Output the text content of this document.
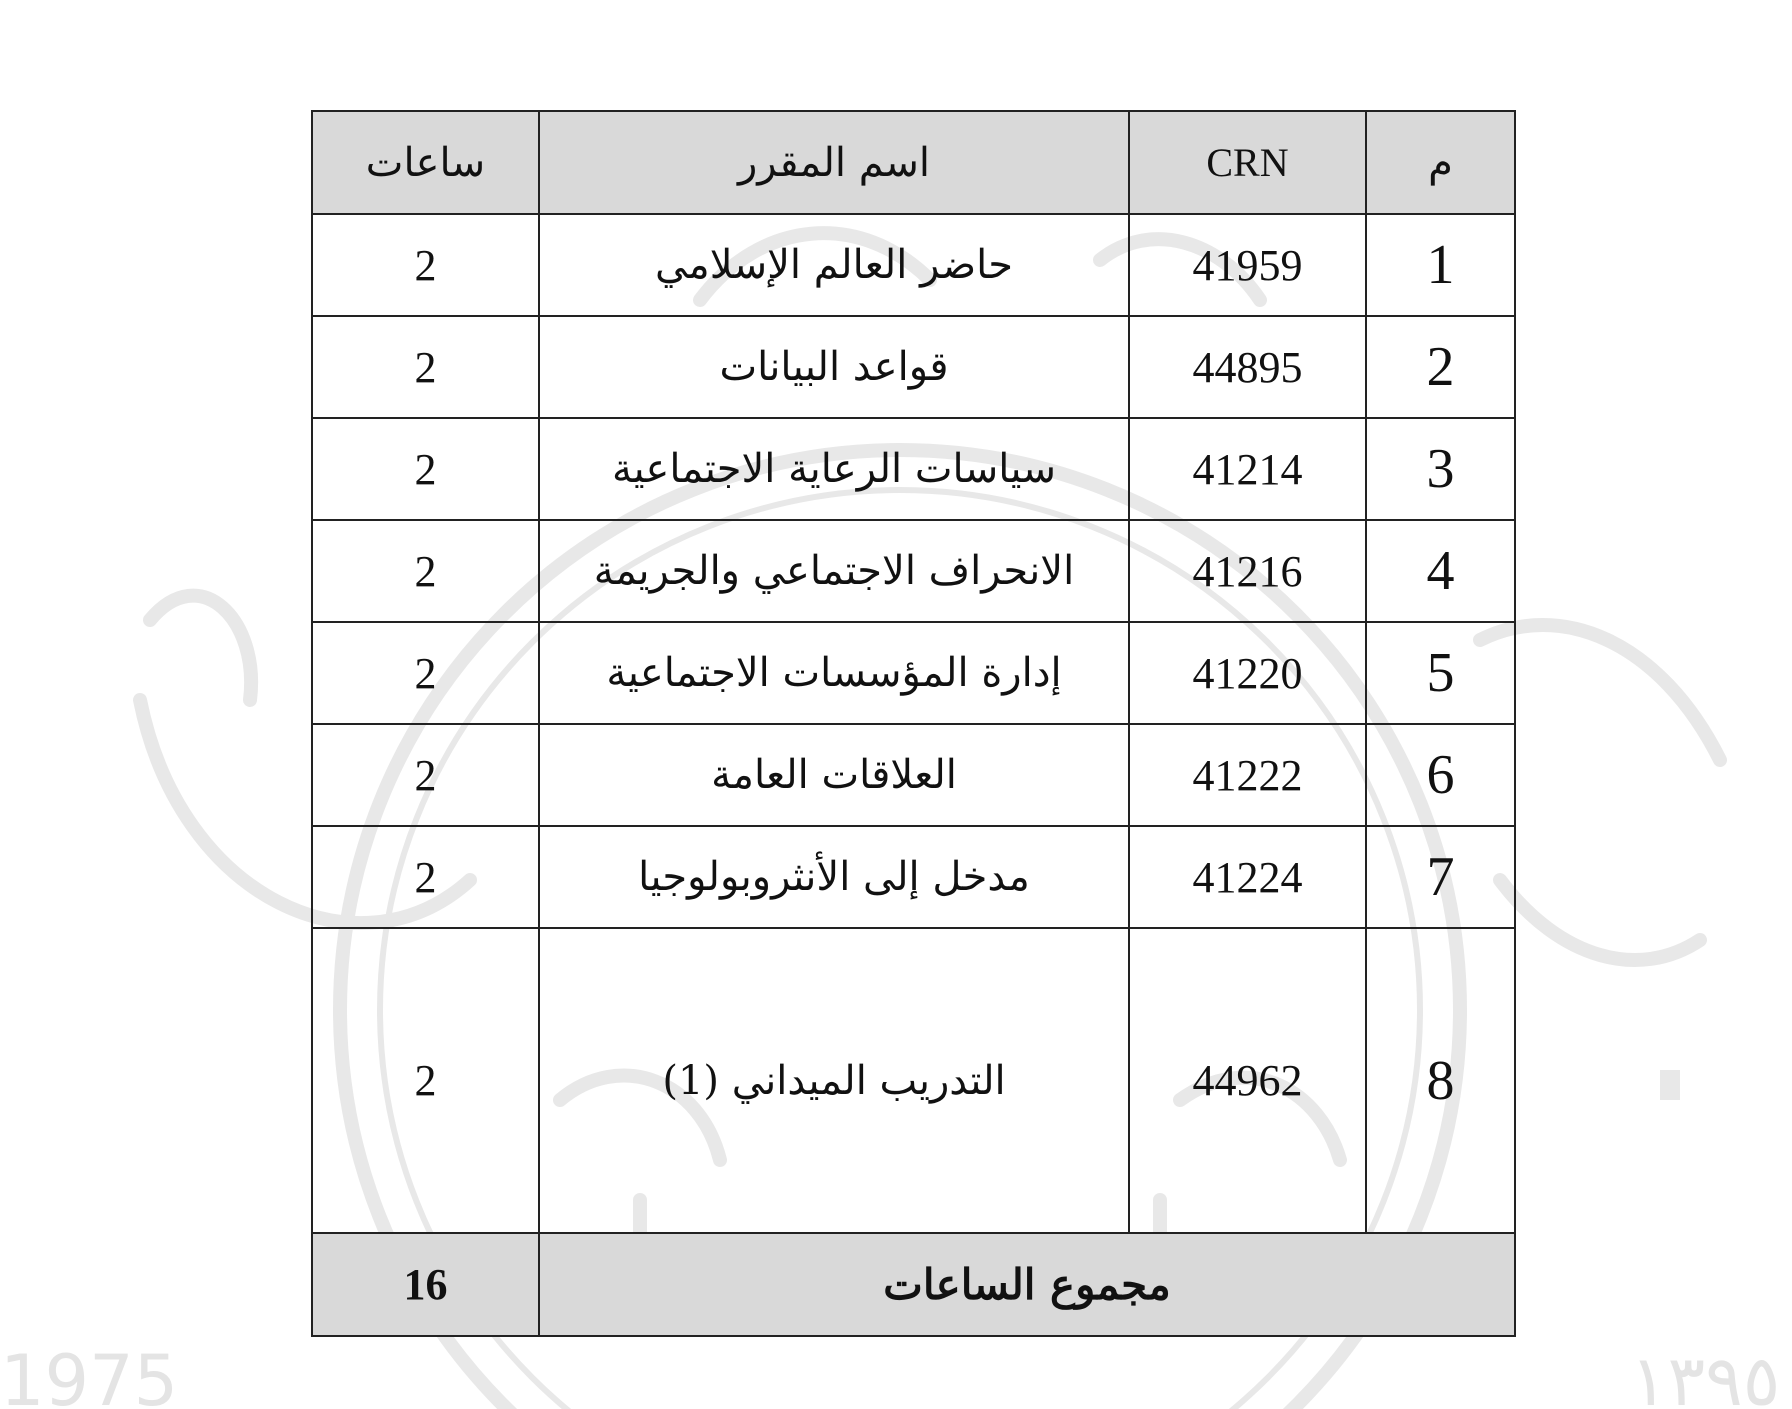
1975	١٣٩٥
م	CRN	اسم المقرر	ساعات
1	41959	حاضر العالم الإسلامي	2
2	44895	قواعد البيانات	2
3	41214	سياسات الرعاية الاجتماعية	2
4	41216	الانحراف الاجتماعي والجريمة	2
5	41220	إدارة المؤسسات الاجتماعية	2
6	41222	العلاقات العامة	2
7	41224	مدخل إلى الأنثروبولوجيا	2
8	44962	التدريب الميداني (1)	2
مجموع الساعات			16
